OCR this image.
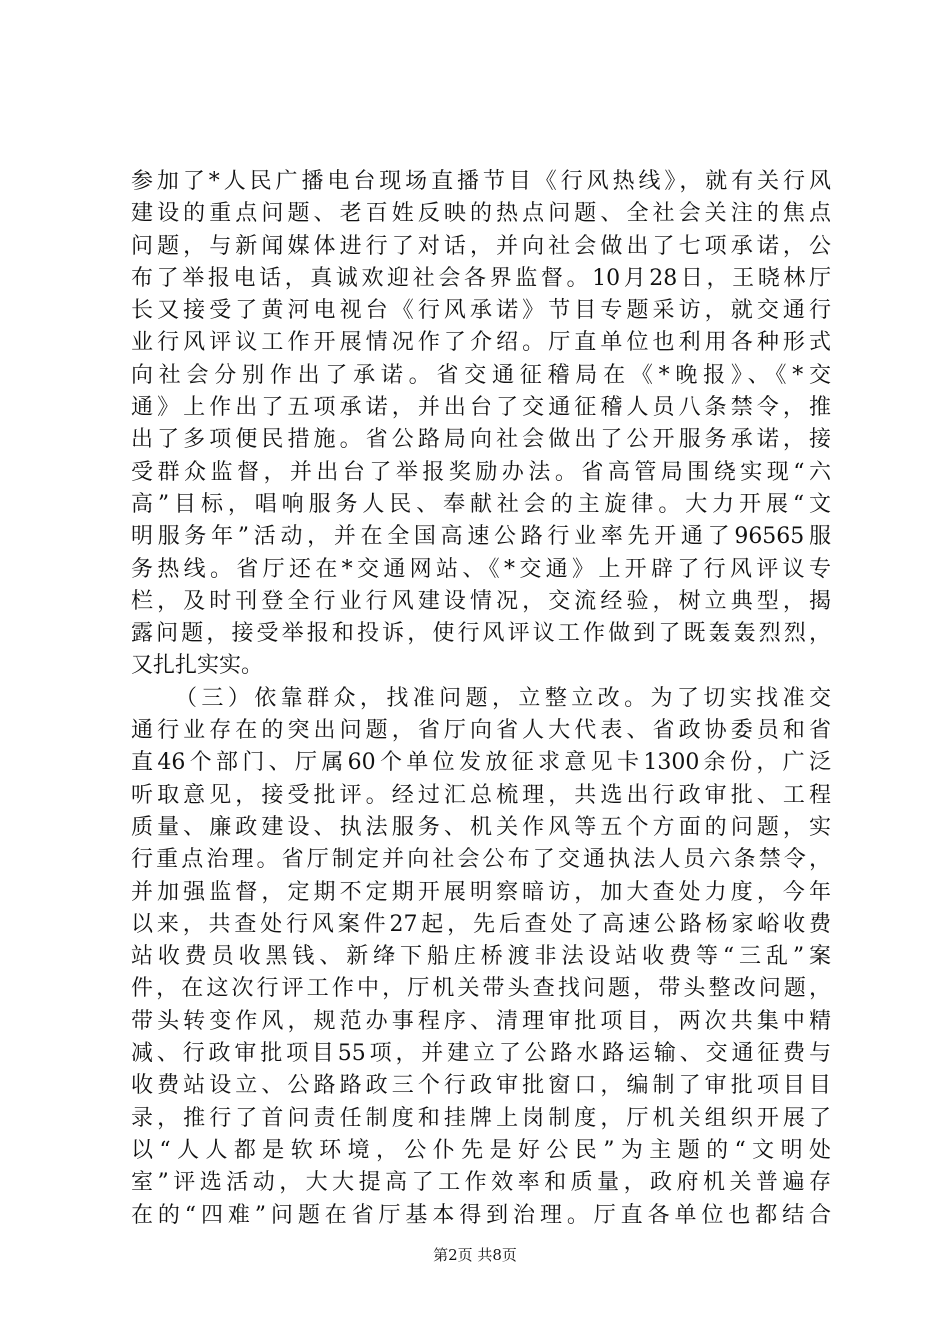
参加了*人民广播电台现场直播节目《行风热线》，就有关行风
建设的重点问题、老百姓反映的热点问题、全社会关注的焦点
问题，与新闻媒体进行了对话，并向社会做出了七项承诺，公
布了举报电话，真诚欢迎社会各界监督。10月28日，王晓林厅
长又接受了黄河电视台《行风承诺》节目专题采访，就交通行
业行风评议工作开展情况作了介绍。厅直单位也利用各种形式
向社会分别作出了承诺。省交通征稽局在《*晚报》、《*交
通》上作出了五项承诺，并出台了交通征稽人员八条禁令，推
出了多项便民措施。省公路局向社会做出了公开服务承诺，接
受群众监督，并出台了举报奖励办法。省高管局围绕实现“六
高”目标，唱响服务人民、奉献社会的主旋律。大力开展“文
明服务年”活动，并在全国高速公路行业率先开通了96565服
务热线。省厅还在*交通网站、《*交通》上开辟了行风评议专
栏，及时刊登全行业行风建设情况，交流经验，树立典型，揭
露问题，接受举报和投诉，使行风评议工作做到了既轰轰烈烈，
又扎扎实实。
（三）依靠群众，找准问题，立整立改。为了切实找准交
通行业存在的突出问题，省厅向省人大代表、省政协委员和省
直46个部门、厅属60个单位发放征求意见卡1300余份，广泛
听取意见，接受批评。经过汇总梳理，共选出行政审批、工程
质量、廉政建设、执法服务、机关作风等五个方面的问题，实
行重点治理。省厅制定并向社会公布了交通执法人员六条禁令，
并加强监督，定期不定期开展明察暗访，加大查处力度，今年
以来，共查处行风案件27起，先后查处了高速公路杨家峪收费
站收费员收黑钱、新绛下船庄桥渡非法设站收费等“三乱”案
件，在这次行评工作中，厅机关带头查找问题，带头整改问题，
带头转变作风，规范办事程序、清理审批项目，两次共集中精
减、行政审批项目55项，并建立了公路水路运输、交通征费与
收费站设立、公路路政三个行政审批窗口，编制了审批项目目
录，推行了首问责任制度和挂牌上岗制度，厅机关组织开展了
以“人人都是软环境，公仆先是好公民”为主题的“文明处
室”评选活动，大大提高了工作效率和质量，政府机关普遍存
在的“四难”问题在省厅基本得到治理。厅直各单位也都结合
第2页 共8页
